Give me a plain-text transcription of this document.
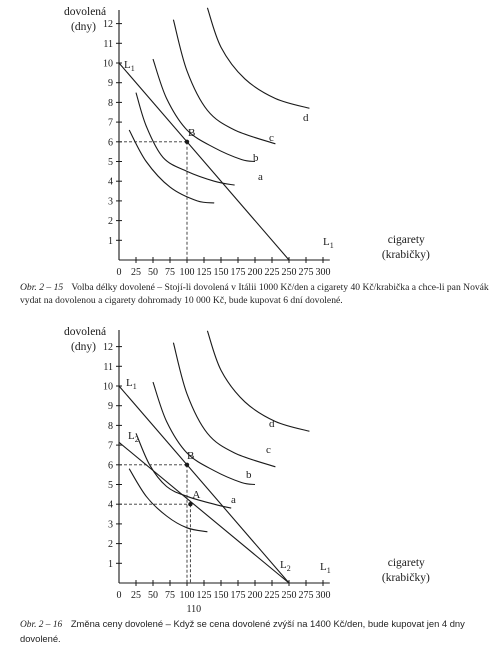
dovolená
(dny)
cigarety
(krabičky)
1
2
3
4
5
6
7
8
9
10
11
12
0 25 50 75 100 125 150 175 200 225 250 275 300
$L_1$
$L_1$
a
b
c
d
B
dovolená
(dny)
cigarety
(krabičky)
1
2
3
4
5
6
7
8
9
10
11
12
0 25 50 75 100 125 150 175 200 225 250 275 300
110
$L_1$
$L_1$
$L_2$
$L_2$
a
b
c
d
B
A
Obr. 2 – 15 Volba délky dovolené – Stojí-li dovolená v Itálii 1000 Kč/den a cigarety 40 Kč/krabička a chce-li pan Novák vydat na dovolenou a cigarety dohromady 10 000 Kč, bude kupovat 6 dní dovolené.
Obr. 2 – 16 Změna ceny dovolené – Když se cena dovolené zvýší na 1400 Kč/den, bude kupovat jen 4 dny dovolené.
